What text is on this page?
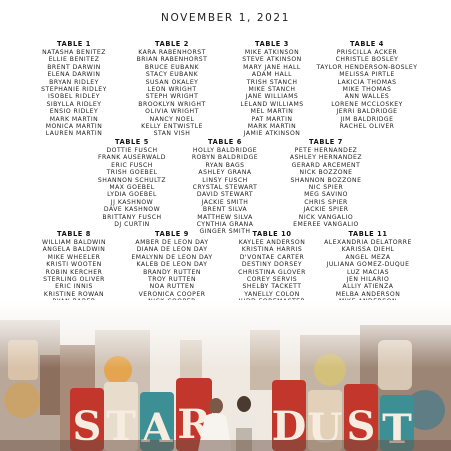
NOVEMBER 1, 2021
TABLE 1
NATASHA BENITEZ
ELLIE BENITEZ
BRENT DARWIN
ELENA DARWIN
BRYAN RIDLEY
STEPHANIE RIDLEY
ISOBEL RIDLEY
SIBYLLA RIDLEY
ENSIO RIDLEY
MARK MARTIN
MONICA MARTIN
LAUREN MARTIN
TABLE 2
KARA RABENHORST
BRIAN RABENHORST
BRUCE EUBANK
STACY EUBANK
SUSAN OKALEY
LEON WRIGHT
STEPH WRIGHT
BROOKLYN WRIGHT
OLIVIA WRIGHT
NANCY NOEL
KELLY ENTWISTLE
STAN VISH
TABLE 3
MIKE ATKINSON
STEVE ATKINSON
MARY JANE HALL
ADAM HALL
TRISH STANCH
MIKE STANCH
JANE WILLIAMS
LELAND WILLIAMS
MEL MARTIN
PAT MARTIN
MARK MARTIN
JAMIE ATKINSON
TABLE 4
PRISCILLA ACKER
CHRISTLE BOSLEY
TAYLOR HENDERSON-BOSLEY
MELISSA PIRTLE
LAKICIA THOMAS
MIKE THOMAS
ANN WALLES
LORENE MCCLOSKEY
JERRI BALDRIDGE
JIM BALDRIDGE
RACHEL OLIVER
TABLE 5
DOTTIE FUSCH
FRANK AUSERWALD
ERIC FUSCH
TRISH GOEBEL
SHANNON SCHULTZ
MAX GOEBEL
LYDIA GOEBEL
JJ KASHNOW
DAVE KASHNOW
BRITTANY FUSCH
DJ CURTIN
TABLE 6
HOLLY BALDRIDGE
ROBYN BALDRIDGE
RYAN BAGS
ASHLEY GRANA
LINSY FUSCH
CRYSTAL STEWART
DAVID STEWART
JACKIE SMITH
BRENT SILVA
MATTHEW SILVA
CYNTHIA GRANA
GINGER SMITH
TABLE 7
PETE HERNANDEZ
ASHLEY HERNANDEZ
GERARD ARCEMENT
NICK BOZZONE
SHANNON BOZZONE
NIC SPIER
MEG SAVINO
CHRIS SPIER
JACKIE SPIER
NICK VANGALIO
EMEREE VANGALIO
TABLE 8
WILLIAM BALDWIN
ANGELA BALDWIN
MIKE WHEELER
KRISTI WOOTEN
ROBIN KERCHER
STERLING OLIVER
ERIC INNIS
KRISTINE ROWAN
TABLE 9
AMBER DE LEON DAY
DIANA DE LEON DAY
EMALYNN DE LEON DAY
KALEB DE LEON DAY
BRANDY RUTTEN
TROY RUTTEN
NOA RUTTEN
VERONICA COOPER
TABLE 10
KAYLEE ANDERSON
KRISTINA HARRIS
D'VONTAE CARTER
DESTINY DORSEY
CHRISTINA GLOVER
COREY SERVIS
SHELBY TACKETT
YANELLY COLON
TABLE 11
ALEXANDRIA DELATORRE
KARISSA DIEHL
ANGEL MEZA
JULIANA GOMEZ-DUQUE
LUZ MACIAS
JEN HILARIO
ALLIY ATIENZA
MELBA ANDERSON
